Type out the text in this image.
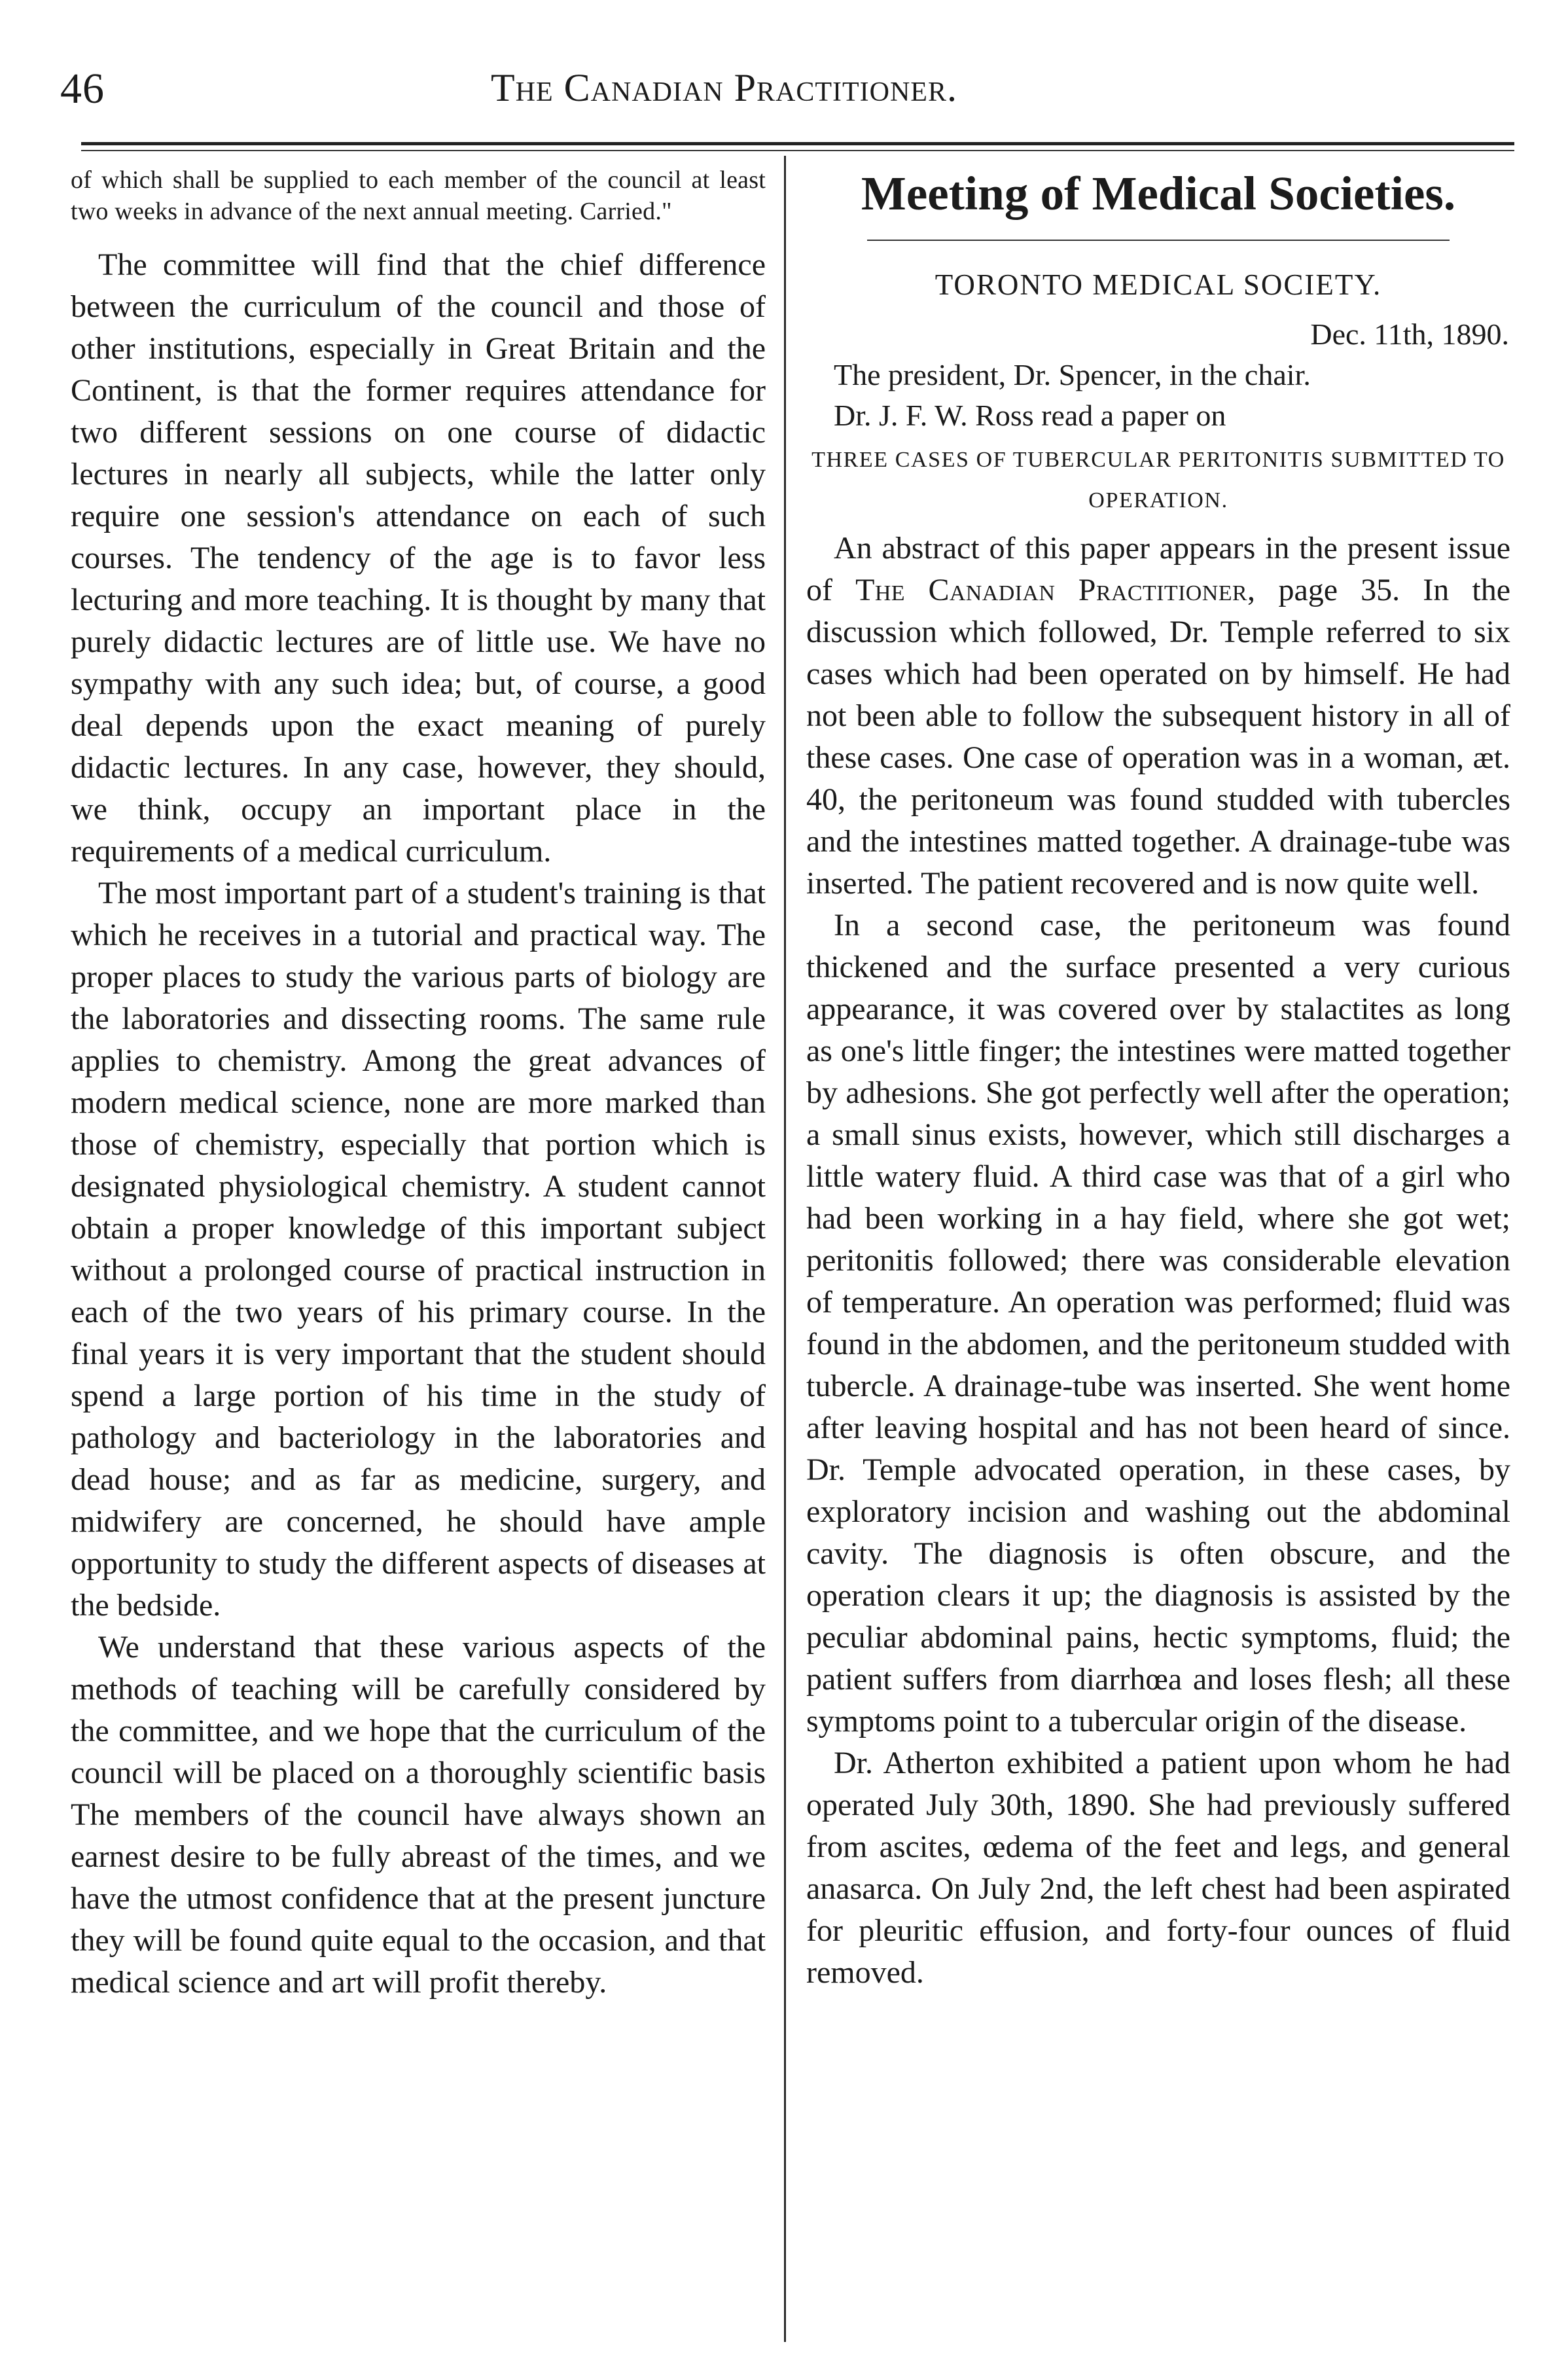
46	The Canadian Practitioner.

of which shall be supplied to each member of the council at least two weeks in advance of the next annual meeting. Carried."

The committee will find that the chief difference between the curriculum of the council and those of other institutions, especially in Great Britain and the Continent, is that the former requires attendance for two different sessions on one course of didactic lectures in nearly all subjects, while the latter only require one session's attendance on each of such courses. The tendency of the age is to favor less lecturing and more teaching. It is thought by many that purely didactic lectures are of little use. We have no sympathy with any such idea; but, of course, a good deal depends upon the exact meaning of purely didactic lectures. In any case, however, they should, we think, occupy an important place in the requirements of a medical curriculum.

The most important part of a student's training is that which he receives in a tutorial and practical way. The proper places to study the various parts of biology are the laboratories and dissecting rooms. The same rule applies to chemistry. Among the great advances of modern medical science, none are more marked than those of chemistry, especially that portion which is designated physiological chemistry. A student cannot obtain a proper knowledge of this important subject without a prolonged course of practical instruction in each of the two years of his primary course. In the final years it is very important that the student should spend a large portion of his time in the study of pathology and bacteriology in the laboratories and dead house; and as far as medicine, surgery, and midwifery are concerned, he should have ample opportunity to study the different aspects of diseases at the bedside.

We understand that these various aspects of the methods of teaching will be carefully considered by the committee, and we hope that the curriculum of the council will be placed on a thoroughly scientific basis The members of the council have always shown an earnest desire to be fully abreast of the times, and we have the utmost confidence that at the present juncture they will be found quite equal to the occasion, and that medical science and art will profit thereby.

Meeting of Medical Societies.
TORONTO MEDICAL SOCIETY.
Dec. 11th, 1890.

The president, Dr. Spencer, in the chair.

Dr. J. F. W. Ross read a paper on

THREE CASES OF TUBERCULAR PERITONITIS SUBMITTED TO OPERATION.

An abstract of this paper appears in the present issue of The Canadian Practitioner, page 35. In the discussion which followed, Dr. Temple referred to six cases which had been operated on by himself. He had not been able to follow the subsequent history in all of these cases. One case of operation was in a woman, æt. 40, the peritoneum was found studded with tubercles and the intestines matted together. A drainage-tube was inserted. The patient recovered and is now quite well.

In a second case, the peritoneum was found thickened and the surface presented a very curious appearance, it was covered over by stalactites as long as one's little finger; the intestines were matted together by adhesions. She got perfectly well after the operation; a small sinus exists, however, which still discharges a little watery fluid. A third case was that of a girl who had been working in a hay field, where she got wet; peritonitis followed; there was considerable elevation of temperature. An operation was performed; fluid was found in the abdomen, and the peritoneum studded with tubercle. A drainage-tube was inserted. She went home after leaving hospital and has not been heard of since. Dr. Temple advocated operation, in these cases, by exploratory incision and washing out the abdominal cavity. The diagnosis is often obscure, and the operation clears it up; the diagnosis is assisted by the peculiar abdominal pains, hectic symptoms, fluid; the patient suffers from diarrhœa and loses flesh; all these symptoms point to a tubercular origin of the disease.

Dr. Atherton exhibited a patient upon whom he had operated July 30th, 1890. She had previously suffered from ascites, œdema of the feet and legs, and general anasarca. On July 2nd, the left chest had been aspirated for pleuritic effusion, and forty-four ounces of fluid removed.
